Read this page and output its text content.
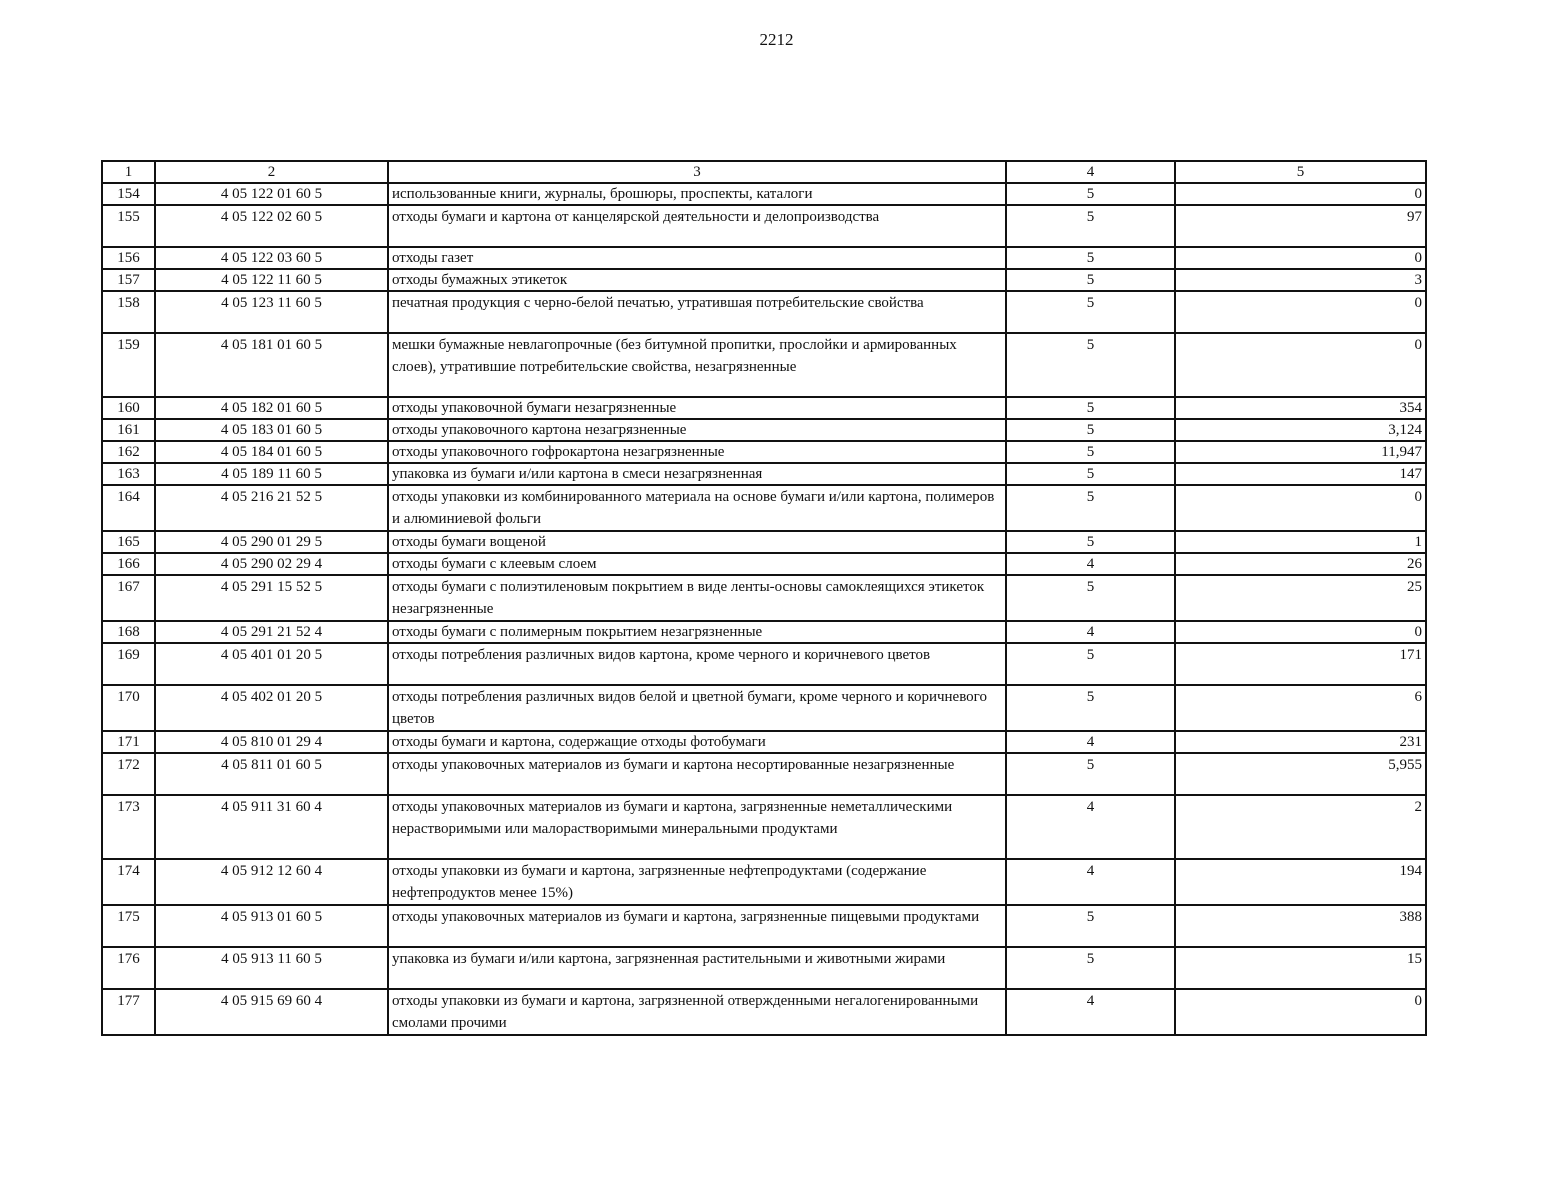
2212
1	2	3	4	5
154	4 05 122 01 60 5	использованные книги, журналы, брошюры, проспекты, каталоги	5	0
155	4 05 122 02 60 5	отходы бумаги и картона от канцелярской деятельности и делопроизводства	5	97
156	4 05 122 03 60 5	отходы газет	5	0
157	4 05 122 11 60 5	отходы бумажных этикеток	5	3
158	4 05 123 11 60 5	печатная продукция с черно-белой печатью, утратившая потребительские свойства	5	0
159	4 05 181 01 60 5	мешки бумажные невлагопрочные (без битумной пропитки, прослойки и армированных слоев), утратившие потребительские свойства, незагрязненные	5	0
160	4 05 182 01 60 5	отходы упаковочной бумаги незагрязненные	5	354
161	4 05 183 01 60 5	отходы упаковочного картона незагрязненные	5	3,124
162	4 05 184 01 60 5	отходы упаковочного гофрокартона незагрязненные	5	11,947
163	4 05 189 11 60 5	упаковка из бумаги и/или картона в смеси незагрязненная	5	147
164	4 05 216 21 52 5	отходы упаковки из комбинированного материала на основе бумаги и/или картона, полимеров и алюминиевой фольги	5	0
165	4 05 290 01 29 5	отходы бумаги вощеной	5	1
166	4 05 290 02 29 4	отходы бумаги с клеевым слоем	4	26
167	4 05 291 15 52 5	отходы бумаги с полиэтиленовым покрытием в виде ленты-основы самоклеящихся этикеток незагрязненные	5	25
168	4 05 291 21 52 4	отходы бумаги с полимерным покрытием незагрязненные	4	0
169	4 05 401 01 20 5	отходы потребления различных видов картона, кроме черного и коричневого цветов	5	171
170	4 05 402 01 20 5	отходы потребления различных видов белой и цветной бумаги, кроме черного и коричневого цветов	5	6
171	4 05 810 01 29 4	отходы бумаги и картона, содержащие отходы фотобумаги	4	231
172	4 05 811 01 60 5	отходы упаковочных материалов из бумаги и картона несортированные незагрязненные	5	5,955
173	4 05 911 31 60 4	отходы упаковочных материалов из бумаги и картона, загрязненные неметаллическими нерастворимыми или малорастворимыми минеральными продуктами	4	2
174	4 05 912 12 60 4	отходы упаковки из бумаги и картона, загрязненные нефтепродуктами (содержание нефтепродуктов менее 15%)	4	194
175	4 05 913 01 60 5	отходы упаковочных материалов из бумаги и картона, загрязненные пищевыми продуктами	5	388
176	4 05 913 11 60 5	упаковка из бумаги и/или картона, загрязненная растительными и животными жирами	5	15
177	4 05 915 69 60 4	отходы упаковки из бумаги и картона, загрязненной отвержденными негалогенированными смолами прочими	4	0
